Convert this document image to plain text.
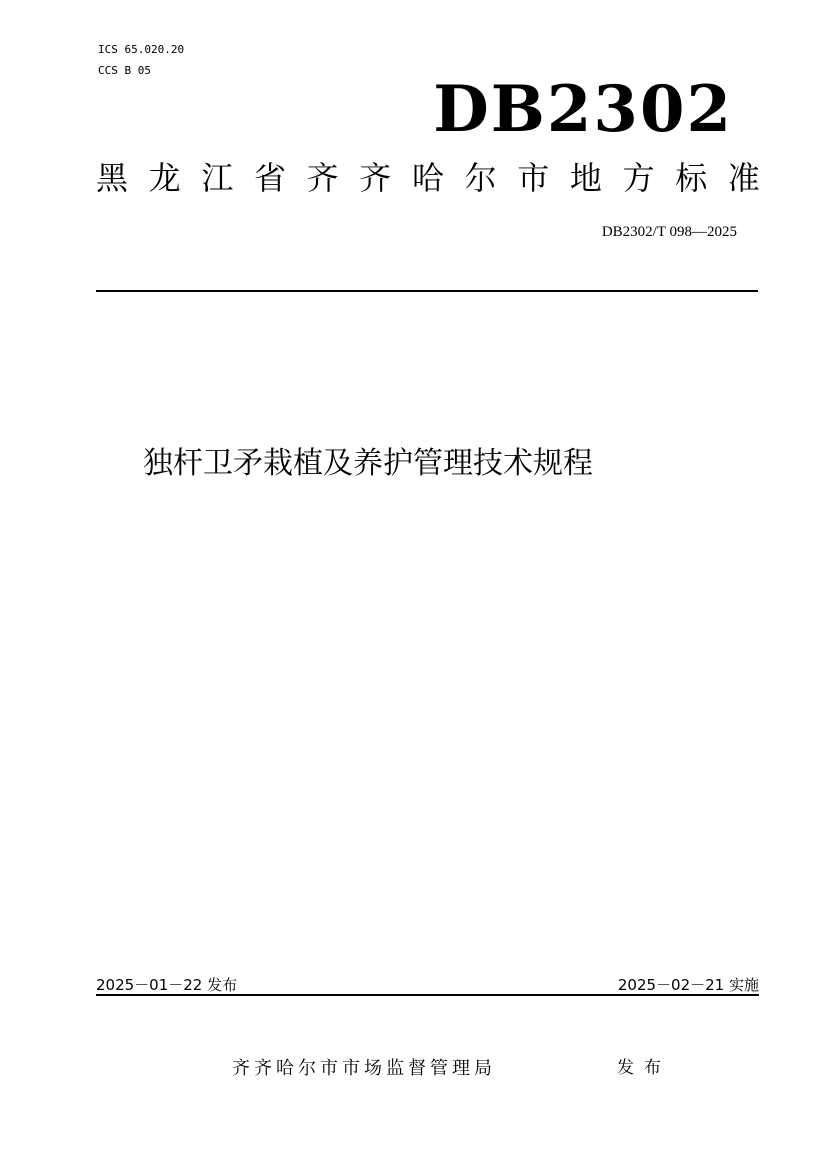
ICS 65.020.20
CCS B 05
DB2302
黑 龙 江 省 齐 齐 哈 尔 市 地 方 标 准
DB2302/T 098—2025
独杆卫矛栽植及养护管理技术规程
2025－01－22 发布	2025－02－21 实施
齐齐哈尔市市场监督管理局	发布
